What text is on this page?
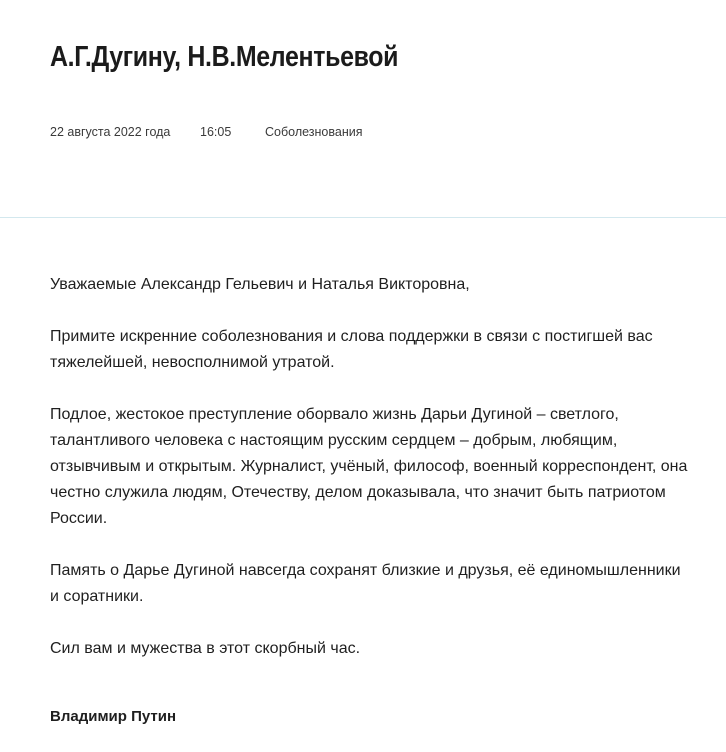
А.Г.Дугину, Н.В.Мелентьевой
22 августа 2022 года 16:05	Соболезнования

Уважаемые Александр Гельевич и Наталья Викторовна,

Примите искренние соболезнования и слова поддержки в связи с постигшей вас тяжелейшей, невосполнимой утратой.

Подлое, жестокое преступление оборвало жизнь Дарьи Дугиной – светлого, талантливого человека с настоящим русским сердцем – добрым, любящим, отзывчивым и открытым. Журналист, учёный, философ, военный корреспондент, она честно служила людям, Отечеству, делом доказывала, что значит быть патриотом России.

Память о Дарье Дугиной навсегда сохранят близкие и друзья, её единомышленники и соратники.

Сил вам и мужества в этот скорбный час.

Владимир Путин
